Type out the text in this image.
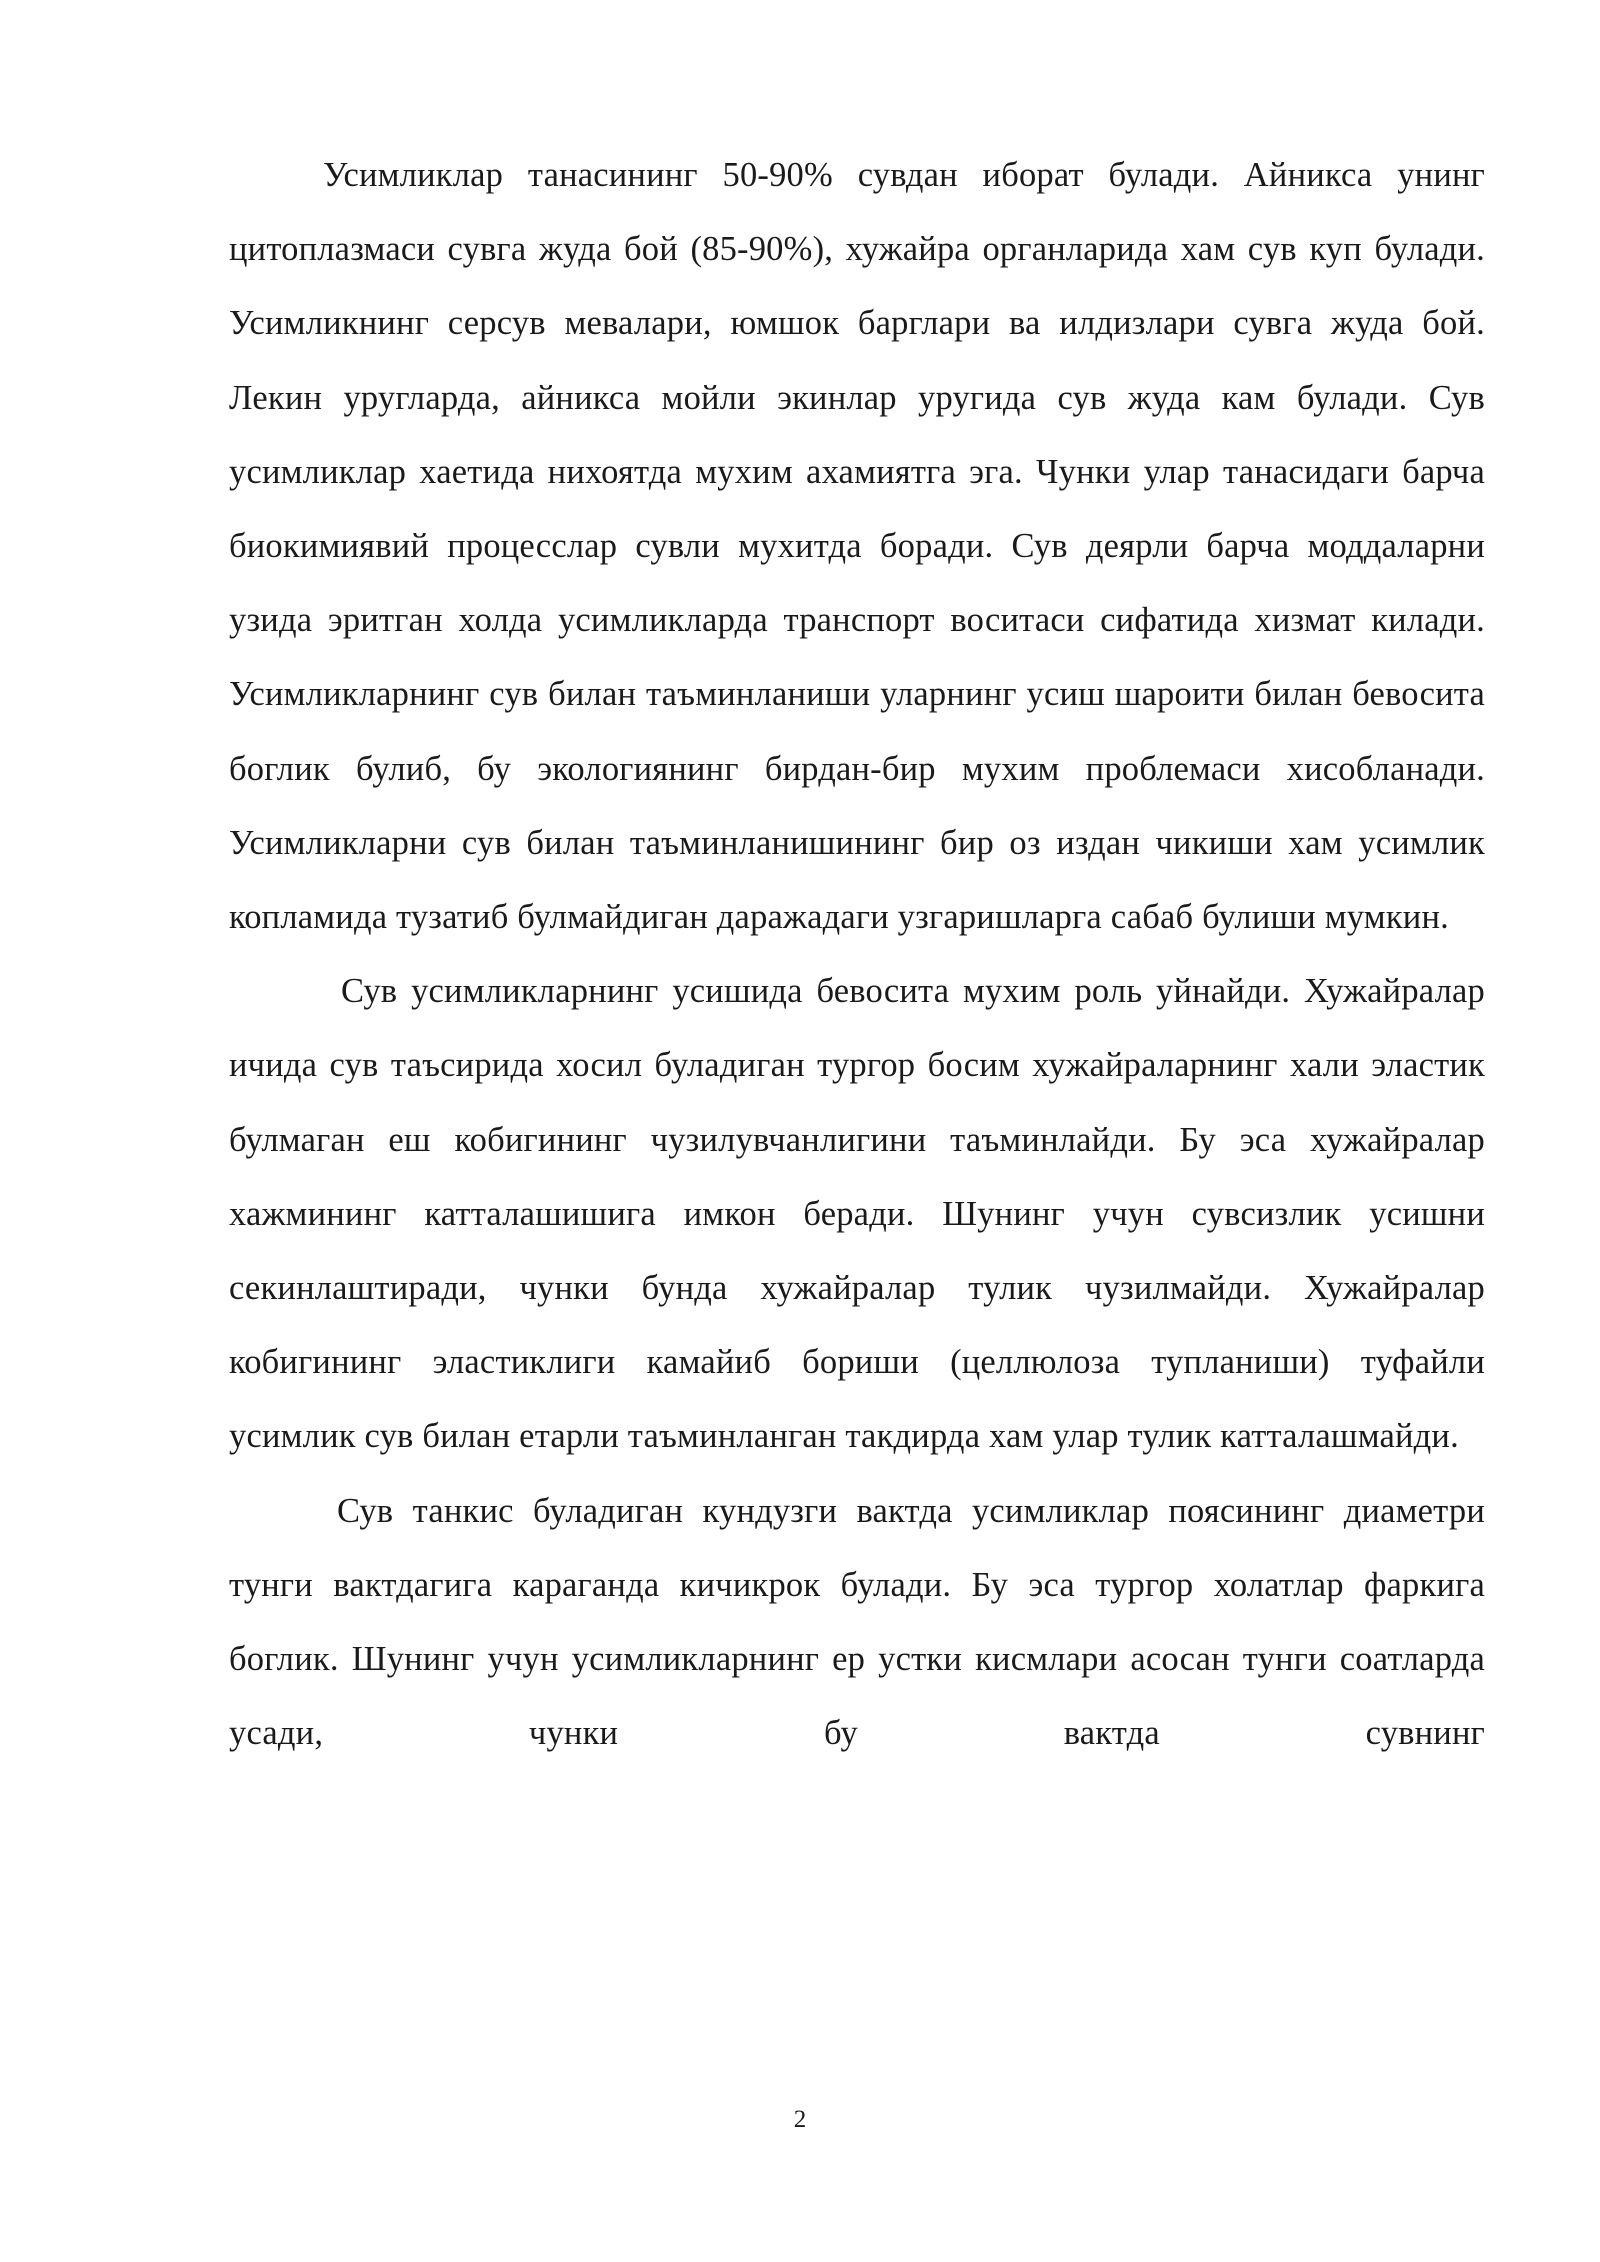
Усимликлар танасининг 50-90% сувдан иборат булади. Айникса унинг цитоплазмаси сувга жуда бой (85-90%), хужайра органларида хам сув куп булади. Усимликнинг серсув мевалари, юмшок барглари ва илдизлари сувга жуда бой. Лекин уругларда, айникса мойли экинлар уругида сув жуда кам булади. Сув усимликлар хаетида нихоятда мухим ахамиятга эга. Чунки улар танасидаги барча биокимиявий процесслар сувли мухитда боради. Сув деярли барча моддаларни узида эритган холда усимликларда транспорт воситаси сифатида хизмат килади. Усимликларнинг сув билан таъминланиши уларнинг усиш шароити билан бевосита боглик булиб, бу экологиянинг бирдан-бир мухим проблемаси хисобланади. Усимликларни сув билан таъминланишининг бир оз издан чикиши хам усимлик копламида тузатиб булмайдиган даражадаги узгаришларга сабаб булиши мумкин.

Сув усимликларнинг усишида бевосита мухим роль уйнайди. Хужайралар ичида сув таъсирида хосил буладиган тургор босим хужайраларнинг хали эластик булмаган еш кобигининг чузилувчанлигини таъминлайди. Бу эса хужайралар хажмининг катталашишига имкон беради. Шунинг учун сувсизлик усишни секинлаштиради, чунки бунда хужайралар тулик чузилмайди. Хужайралар кобигининг эластиклиги камайиб бориши (целлюлоза тупланиши) туфайли усимлик сув билан етарли таъминланган такдирда хам улар тулик катталашмайди.

Сув танкис буладиган кундузги вактда усимликлар поясининг диаметри тунги вактдагига караганда кичикрок булади. Бу эса тургор холатлар фаркига боглик. Шунинг учун усимликларнинг ер устки кисмлари асосан тунги соатларда усади, чунки бу вактда сувнинг

2
